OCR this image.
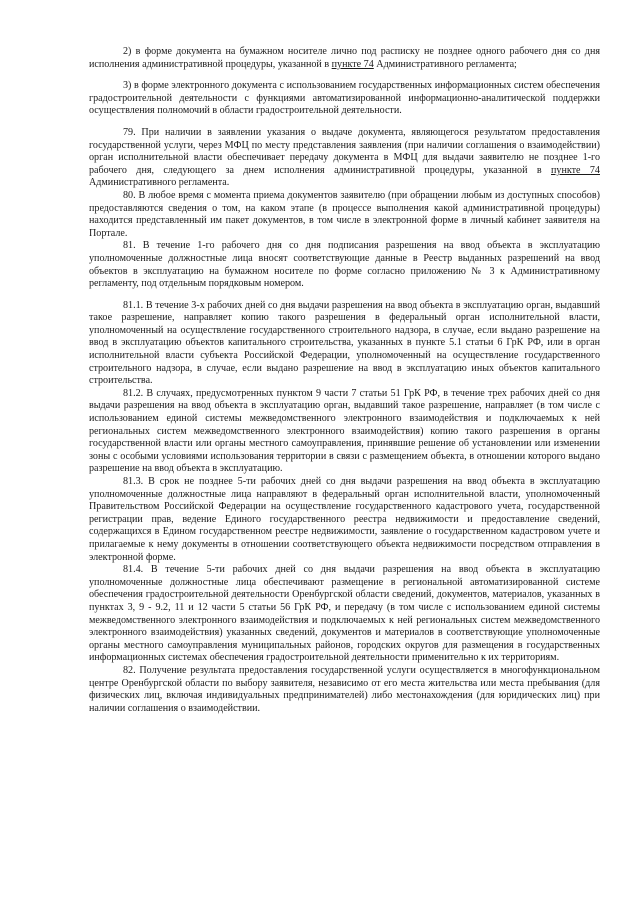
2) в форме документа на бумажном носителе лично под расписку не позднее одного рабочего дня со дня исполнения административной процедуры, указанной в пункте 74 Административного регламента;

3) в форме электронного документа с использованием государственных информационных систем обеспечения градостроительной деятельности с функциями автоматизированной информационно-аналитической поддержки осуществления полномочий в области градостроительной деятельности.

79. При наличии в заявлении указания о выдаче документа, являющегося результатом предоставления государственной услуги, через МФЦ по месту представления заявления (при наличии соглашения о взаимодействии) орган исполнительной власти обеспечивает передачу документа в МФЦ для выдачи заявителю не позднее 1-го рабочего дня, следующего за днем исполнения административной процедуры, указанной в пункте 74 Административного регламента.

80. В любое время с момента приема документов заявителю (при обращении любым из доступных способов) предоставляются сведения о том, на каком этапе (в процессе выполнения какой административной процедуры) находится представленный им пакет документов, в том числе в электронной форме в личный кабинет заявителя на Портале.

81. В течение 1-го рабочего дня со дня подписания разрешения на ввод объекта в эксплуатацию уполномоченные должностные лица вносят соответствующие данные в Реестр выданных разрешений на ввод объектов в эксплуатацию на бумажном носителе по форме согласно приложению № 3 к Административному регламенту, под отдельным порядковым номером.

81.1. В течение 3-х рабочих дней со дня выдачи разрешения на ввод объекта в эксплуатацию орган, выдавший такое разрешение, направляет копию такого разрешения в федеральный орган исполнительной власти, уполномоченный на осуществление государственного строительного надзора, в случае, если выдано разрешение на ввод в эксплуатацию объектов капитального строительства, указанных в пункте 5.1 статьи 6 ГрК РФ, или в орган исполнительной власти субъекта Российской Федерации, уполномоченный на осуществление государственного строительного надзора, в случае, если выдано разрешение на ввод в эксплуатацию иных объектов капитального строительства.

81.2. В случаях, предусмотренных пунктом 9 части 7 статьи 51 ГрК РФ, в течение трех рабочих дней со дня выдачи разрешения на ввод объекта в эксплуатацию орган, выдавший такое разрешение, направляет (в том числе с использованием единой системы межведомственного электронного взаимодействия и подключаемых к ней региональных систем межведомственного электронного взаимодействия) копию такого разрешения в органы государственной власти или органы местного самоуправления, принявшие решение об установлении или изменении зоны с особыми условиями использования территории в связи с размещением объекта, в отношении которого выдано разрешение на ввод объекта в эксплуатацию.

81.3. В срок не позднее 5-ти рабочих дней со дня выдачи разрешения на ввод объекта в эксплуатацию уполномоченные должностные лица направляют в федеральный орган исполнительной власти, уполномоченный Правительством Российской Федерации на осуществление государственного кадастрового учета, государственной регистрации прав, ведение Единого государственного реестра недвижимости и предоставление сведений, содержащихся в Едином государственном реестре недвижимости, заявление о государственном кадастровом учете и прилагаемые к нему документы в отношении соответствующего объекта недвижимости посредством отправления в электронной форме.

81.4. В течение 5-ти рабочих дней со дня выдачи разрешения на ввод объекта в эксплуатацию уполномоченные должностные лица обеспечивают размещение в региональной автоматизированной системе обеспечения градостроительной деятельности Оренбургской области сведений, документов, материалов, указанных в пунктах 3, 9 - 9.2, 11 и 12 части 5 статьи 56 ГрК РФ, и передачу (в том числе с использованием единой системы межведомственного электронного взаимодействия и подключаемых к ней региональных систем межведомственного электронного взаимодействия) указанных сведений, документов и материалов в соответствующие уполномоченные органы местного самоуправления муниципальных районов, городских округов для размещения в государственных информационных системах обеспечения градостроительной деятельности применительно к их территориям.

82. Получение результата предоставления государственной услуги осуществляется в многофункциональном центре Оренбургской области по выбору заявителя, независимо от его места жительства или места пребывания (для физических лиц, включая индивидуальных предпринимателей) либо местонахождения (для юридических лиц) при наличии соглашения о взаимодействии.
